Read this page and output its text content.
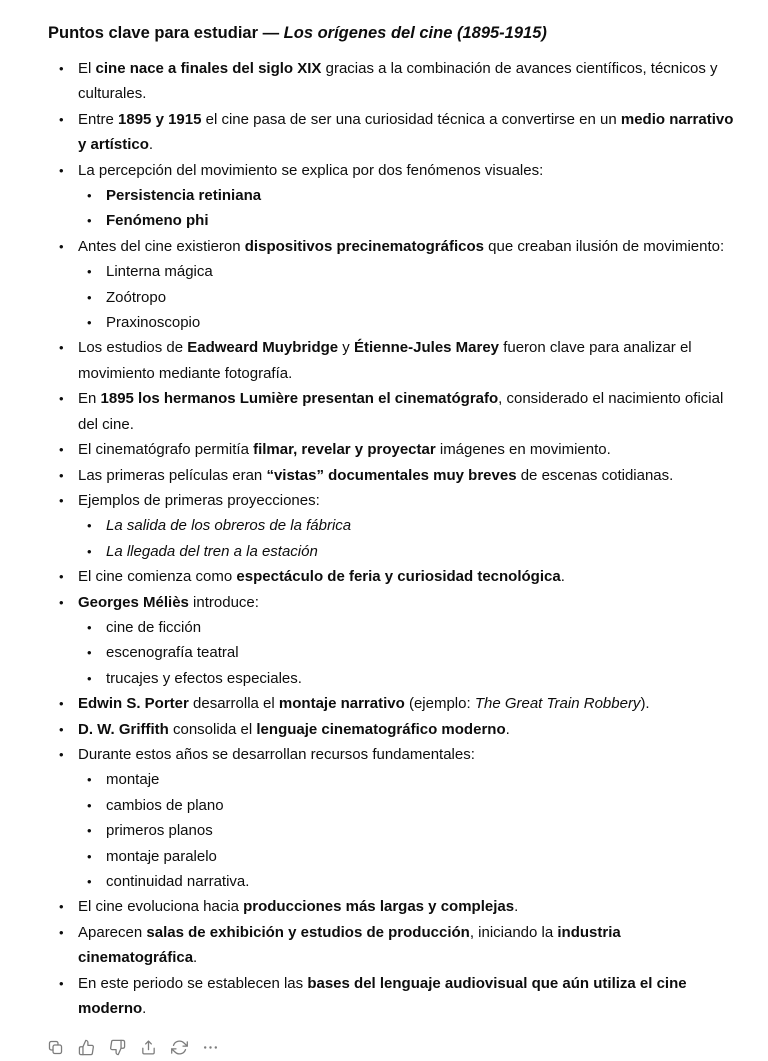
Puntos clave para estudiar — Los orígenes del cine (1895-1915)
• El cine nace a finales del siglo XIX gracias a la combinación de avances científicos, técnicos y culturales.
• Entre 1895 y 1915 el cine pasa de ser una curiosidad técnica a convertirse en un medio narrativo y artístico.
• La percepción del movimiento se explica por dos fenómenos visuales:
• Persistencia retiniana
• Fenómeno phi
• Antes del cine existieron dispositivos precinematográficos que creaban ilusión de movimiento:
• Linterna mágica
• Zoótropo
• Praxinoscopio
• Los estudios de Eadweard Muybridge y Étienne-Jules Marey fueron clave para analizar el movimiento mediante fotografía.
• En 1895 los hermanos Lumière presentan el cinematógrafo, considerado el nacimiento oficial del cine.
• El cinematógrafo permitía filmar, revelar y proyectar imágenes en movimiento.
• Las primeras películas eran “vistas” documentales muy breves de escenas cotidianas.
• Ejemplos de primeras proyecciones:
• La salida de los obreros de la fábrica
• La llegada del tren a la estación
• El cine comienza como espectáculo de feria y curiosidad tecnológica.
• Georges Méliès introduce:
• cine de ficción
• escenografía teatral
• trucajes y efectos especiales.
• Edwin S. Porter desarrolla el montaje narrativo (ejemplo: The Great Train Robbery).
• D. W. Griffith consolida el lenguaje cinematográfico moderno.
• Durante estos años se desarrollan recursos fundamentales:
• montaje
• cambios de plano
• primeros planos
• montaje paralelo
• continuidad narrativa.
• El cine evoluciona hacia producciones más largas y complejas.
• Aparecen salas de exhibición y estudios de producción, iniciando la industria cinematográfica.
• En este periodo se establecen las bases del lenguaje audiovisual que aún utiliza el cine moderno.
